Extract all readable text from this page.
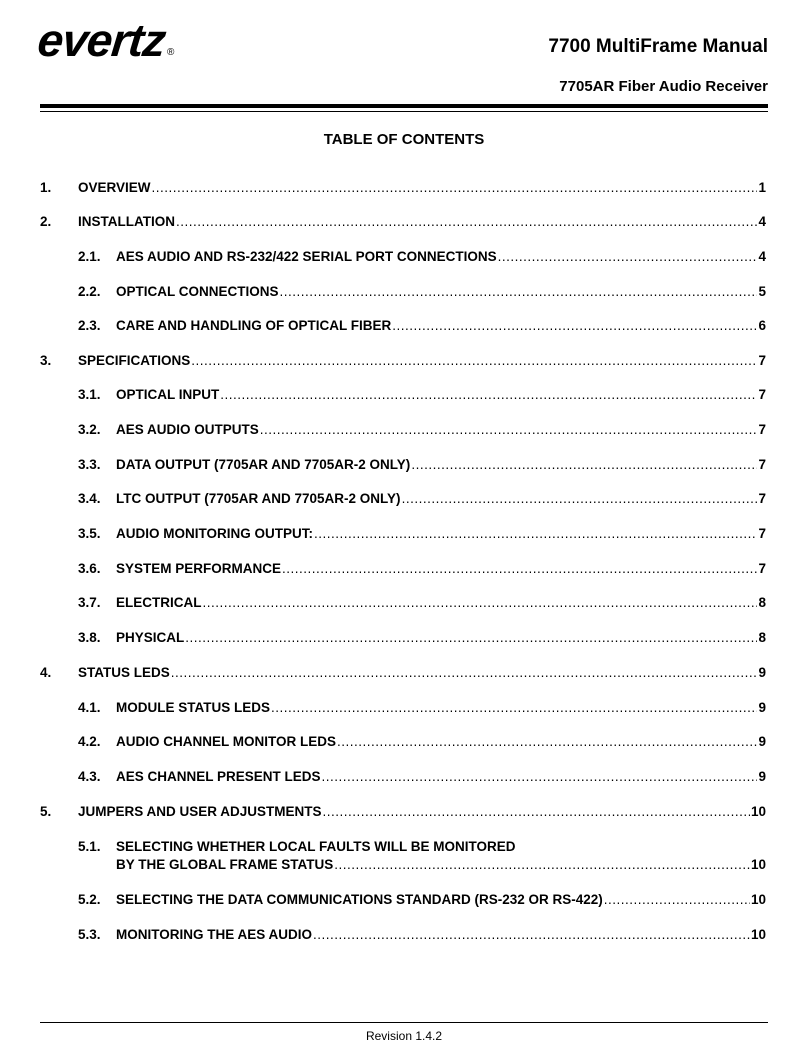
evertz®	7700 MultiFrame Manual
7705AR Fiber Audio Receiver
TABLE OF CONTENTS
1. OVERVIEW .....	1
2. INSTALLATION .....	4
2.1. AES AUDIO AND RS-232/422 SERIAL PORT CONNECTIONS .....	4
2.2. OPTICAL CONNECTIONS .....	5
2.3. CARE AND HANDLING OF OPTICAL FIBER .....	6
3. SPECIFICATIONS .....	7
3.1. OPTICAL INPUT .....	7
3.2. AES AUDIO OUTPUTS .....	7
3.3. DATA OUTPUT (7705AR AND 7705AR-2 ONLY) .....	7
3.4. LTC OUTPUT (7705AR AND 7705AR-2 ONLY) .....	7
3.5. AUDIO MONITORING OUTPUT: .....	7
3.6. SYSTEM PERFORMANCE .....	7
3.7. ELECTRICAL .....	8
3.8. PHYSICAL .....	8
4. STATUS LEDS .....	9
4.1. MODULE STATUS LEDS .....	9
4.2. AUDIO CHANNEL MONITOR LEDS .....	9
4.3. AES CHANNEL PRESENT LEDS .....	9
5. JUMPERS AND USER ADJUSTMENTS .....	10
5.1. SELECTING WHETHER LOCAL FAULTS WILL BE MONITORED
BY THE GLOBAL FRAME STATUS .....	10
5.2. SELECTING THE DATA COMMUNICATIONS STANDARD (RS-232 OR RS-422) .....	10
5.3. MONITORING THE AES AUDIO .....	10
Revision 1.4.2
